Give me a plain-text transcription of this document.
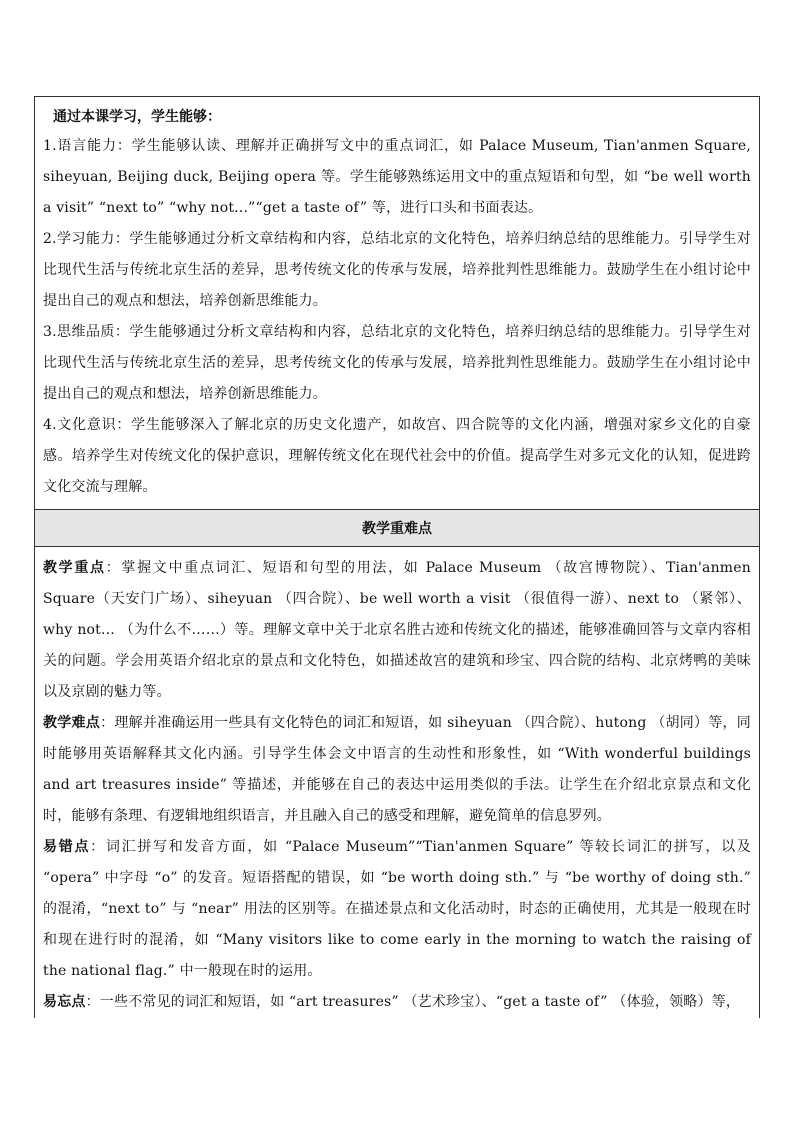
通过本课学习，学生能够：

1.语言能力：学生能够认读、理解并正确拼写文中的重点词汇，如 Palace Museum, Tian'anmen Square, siheyuan, Beijing duck, Beijing opera 等。学生能够熟练运用文中的重点短语和句型，如 “be well worth a visit” “next to” “why not...”“get a taste of” 等，进行口头和书面表达。

2.学习能力：学生能够通过分析文章结构和内容，总结北京的文化特色，培养归纳总结的思维能力。引导学生对比现代生活与传统北京生活的差异，思考传统文化的传承与发展，培养批判性思维能力。鼓励学生在小组讨论中提出自己的观点和想法，培养创新思维能力。

3.思维品质：学生能够通过分析文章结构和内容，总结北京的文化特色，培养归纳总结的思维能力。引导学生对比现代生活与传统北京生活的差异，思考传统文化的传承与发展，培养批判性思维能力。鼓励学生在小组讨论中提出自己的观点和想法，培养创新思维能力。

4.文化意识：学生能够深入了解北京的历史文化遗产，如故宫、四合院等的文化内涵，增强对家乡文化的自豪感。培养学生对传统文化的保护意识，理解传统文化在现代社会中的价值。提高学生对多元文化的认知，促进跨文化交流与理解。

教学重难点

教学重点：掌握文中重点词汇、短语和句型的用法，如 Palace Museum （故宫博物院）、Tian'anmen Square（天安门广场）、siheyuan （四合院）、be well worth a visit （很值得一游）、next to （紧邻）、why not... （为什么不……）等。理解文章中关于北京名胜古迹和传统文化的描述，能够准确回答与文章内容相关的问题。学会用英语介绍北京的景点和文化特色，如描述故宫的建筑和珍宝、四合院的结构、北京烤鸭的美味以及京剧的魅力等。

教学难点：理解并准确运用一些具有文化特色的词汇和短语，如 siheyuan （四合院）、hutong （胡同）等，同时能够用英语解释其文化内涵。引导学生体会文中语言的生动性和形象性，如 “With wonderful buildings and art treasures inside” 等描述，并能够在自己的表达中运用类似的手法。让学生在介绍北京景点和文化时，能够有条理、有逻辑地组织语言，并且融入自己的感受和理解，避免简单的信息罗列。

易错点：词汇拼写和发音方面，如 “Palace Museum”“Tian'anmen Square” 等较长词汇的拼写，以及 “opera” 中字母 “o” 的发音。短语搭配的错误，如 “be worth doing sth.” 与 “be worthy of doing sth.” 的混淆，“next to” 与 “near” 用法的区别等。在描述景点和文化活动时，时态的正确使用，尤其是一般现在时和现在进行时的混淆，如 “Many visitors like to come early in the morning to watch the raising of the national flag.” 中一般现在时的运用。

易忘点：一些不常见的词汇和短语，如 “art treasures” （艺术珍宝）、“get a taste of” （体验，领略）等，
